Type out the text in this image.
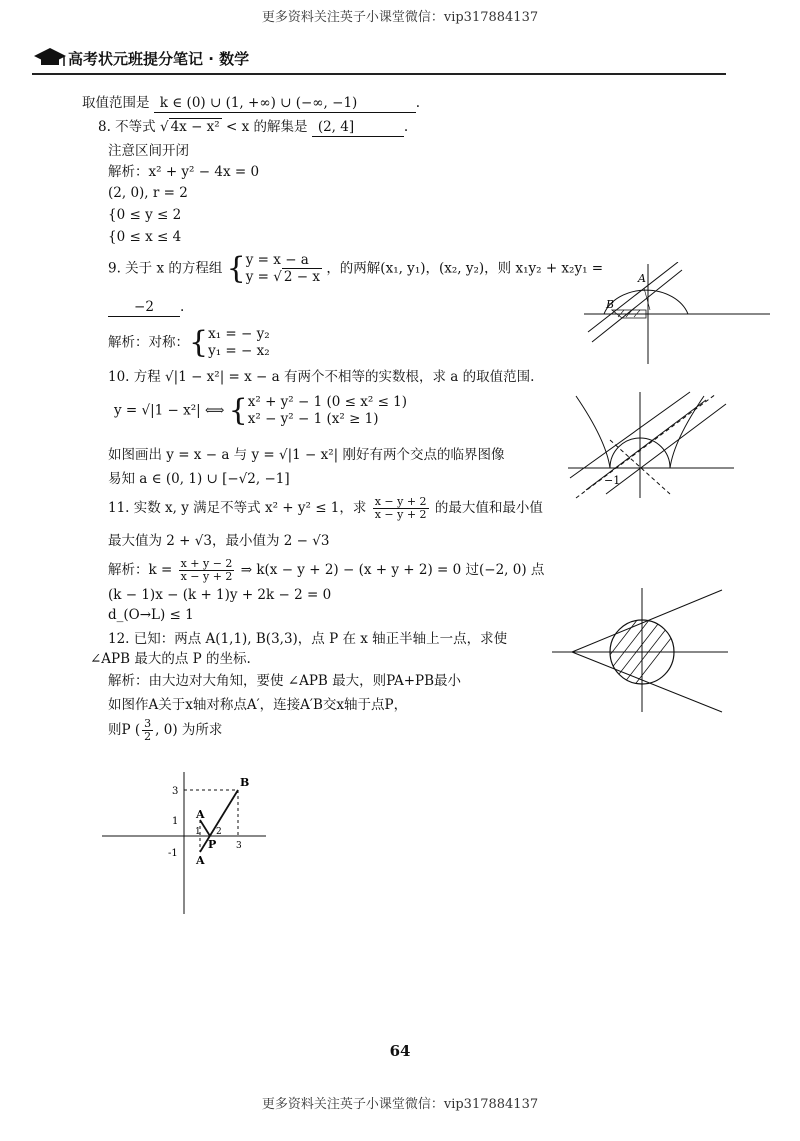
更多资料关注英子小课堂微信：vip317884137
高考状元班提分笔记 · 数学
取值范围是 k ∈ (0) ∪ (1, +∞) ∪ (−∞, −1)	.
8. 不等式 √ 4x − x² < x 的解集是 (2, 4]	.
注意区间开闭
解析：x² + y² − 4x = 0
(2, 0), r = 2
{0 ≤ y ≤ 2
{0 ≤ x ≤ 4
9. 关于 x 的方程组 { y = x − a
y = √ 2 − x
，的两解(x₁, y₁)，(x₂, y₂)，则 x₁y₂ + x₂y₁ =
−2 .
解析：对称：{ x₁ = − y₂
y₁ = − x₂
A
B
10. 方程 √|1 − x²| = x − a 有两个不相等的实数根，求 a 的取值范围.
y = √|1 − x²| ⟺ { x² + y² − 1 (0 ≤ x² ≤ 1)
x² − y² − 1 (x² ≥ 1)
如图画出 y = x − a 与 y = √|1 − x²| 刚好有两个交点的临界图像
易知 a ∈ (0, 1) ∪ [−√2, −1]	−1
11. 实数 x, y 满足不等式 x² + y² ≤ 1，求 $\frac{x - y + 2}{x - y + 2}$ 的最大值和最小值
最大值为 2 + √3，最小值为 2 − √3
解析：$k = \frac{x + y - 2}{x - y + 2}$ ⇒ k(x − y + 2) − (x + y + 2) = 0 过(−2, 0) 点
(k − 1)x − (k + 1)y + 2k − 2 = 0
d_(O→L) ≤ 1
12. 已知：两点 A(1,1), B(3,3)，点 P 在 x 轴正半轴上一点，求使
∠APB 最大的点 P 的坐标.
解析：由大边对大角知，要使 ∠APB 最大，则PA+PB最小
如图作A关于x轴对称点A′，连接A′B交x轴于点P，
则P ( $\frac{3}{2}$ , 0) 为所求
3
1
-1
1 2
3
B
A
P
A
64
更多资料关注英子小课堂微信：vip317884137
